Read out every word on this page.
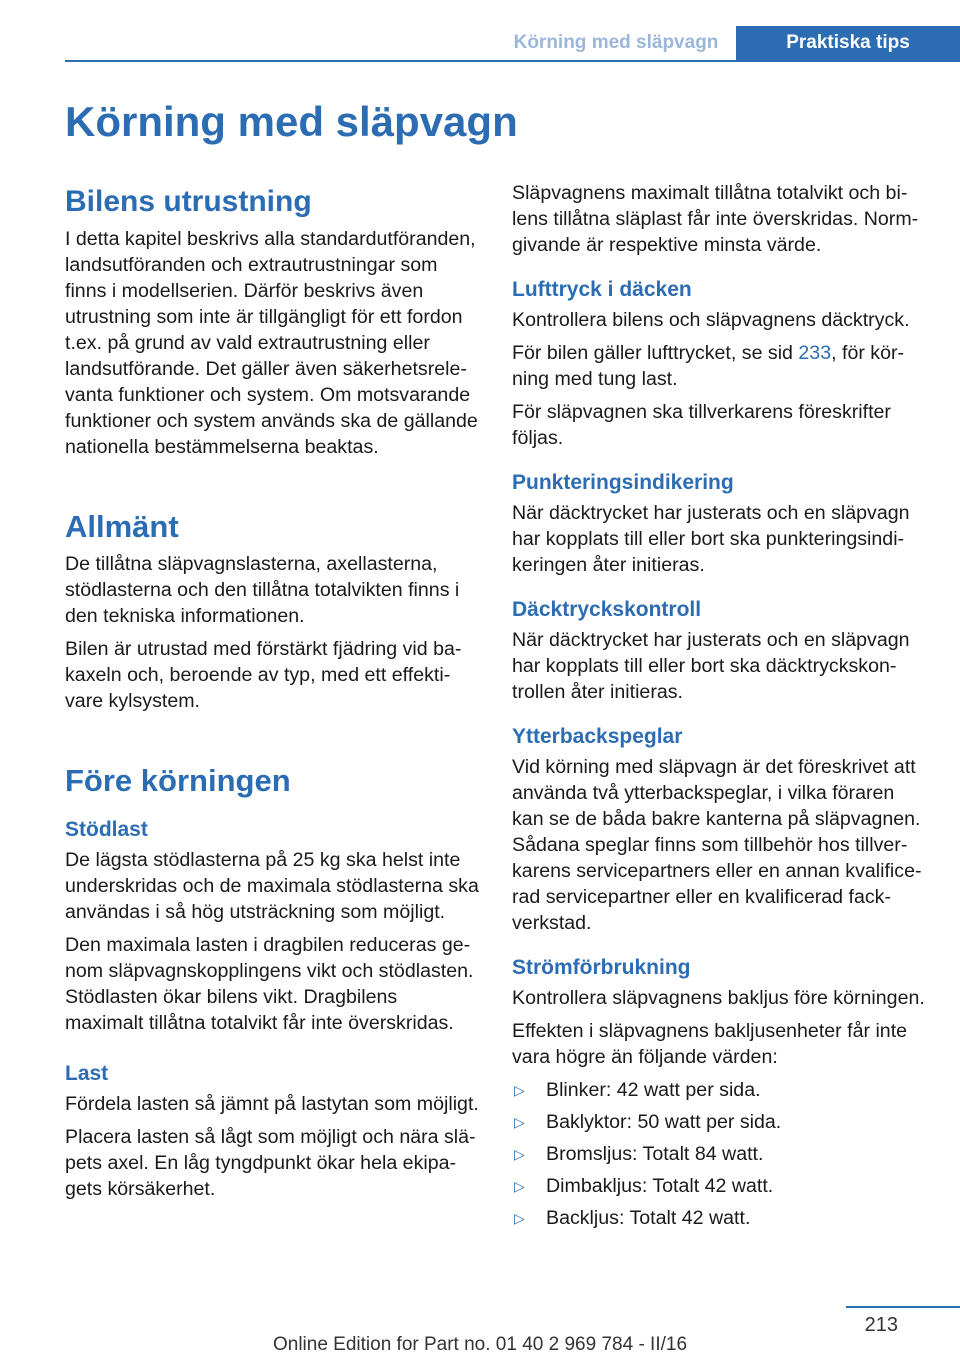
Körning med släpvagn	Praktiska tips
Körning med släpvagn
Bilens utrustning

I detta kapitel beskrivs alla standardutföranden, landsutföranden och extrautrustningar som finns i modellserien. Därför beskrivs även utrustning som inte är tillgängligt för ett fordon t.ex. på grund av vald extrautrustning eller landsutförande. Det gäller även säkerhetsrelevanta funktioner och system. Om motsvarande funktioner och system används ska de gällande nationella bestämmelserna beaktas.

Allmänt

De tillåtna släpvagnslasterna, axellasterna, stödlasterna och den tillåtna totalvikten finns i den tekniska informationen.

Bilen är utrustad med förstärkt fjädring vid bakaxeln och, beroende av typ, med ett effektivare kylsystem.

Före körningen
Stödlast

De lägsta stödlasterna på 25 kg ska helst inte underskridas och de maximala stödlasterna ska användas i så hög utsträckning som möjligt.

Den maximala lasten i dragbilen reduceras genom släpvagnskopplingens vikt och stödlasten. Stödlasten ökar bilens vikt. Dragbilens maximalt tillåtna totalvikt får inte överskridas.

Last

Fördela lasten så jämnt på lastytan som möjligt.

Placera lasten så lågt som möjligt och nära släpets axel. En låg tyngdpunkt ökar hela ekipagets körsäkerhet.

Släpvagnens maximalt tillåtna totalvikt och bilens tillåtna släplast får inte överskridas. Normgivande är respektive minsta värde.

Lufttryck i däcken

Kontrollera bilens och släpvagnens däcktryck.

För bilen gäller lufttrycket, se sid 233, för körning med tung last.

För släpvagnen ska tillverkarens föreskrifter följas.

Punkteringsindikering

När däcktrycket har justerats och en släpvagn har kopplats till eller bort ska punkteringsindikeringen åter initieras.

Däcktryckskontroll

När däcktrycket har justerats och en släpvagn har kopplats till eller bort ska däcktryckskontrollen åter initieras.

Ytterbackspeglar

Vid körning med släpvagn är det föreskrivet att använda två ytterbackspeglar, i vilka föraren kan se de båda bakre kanterna på släpvagnen. Sådana speglar finns som tillbehör hos tillverkarens servicepartners eller en annan kvalificerad servicepartner eller en kvalificerad fackverkstad.

Strömförbrukning

Kontrollera släpvagnens bakljus före körningen.

Effekten i släpvagnens bakljusenheter får inte vara högre än följande värden:

▷ Blinker: 42 watt per sida.
▷ Baklyktor: 50 watt per sida.
▷ Bromsljus: Totalt 84 watt.
▷ Dimbakljus: Totalt 42 watt.
▷ Backljus: Totalt 42 watt.
213
Online Edition for Part no. 01 40 2 969 784 - II/16
